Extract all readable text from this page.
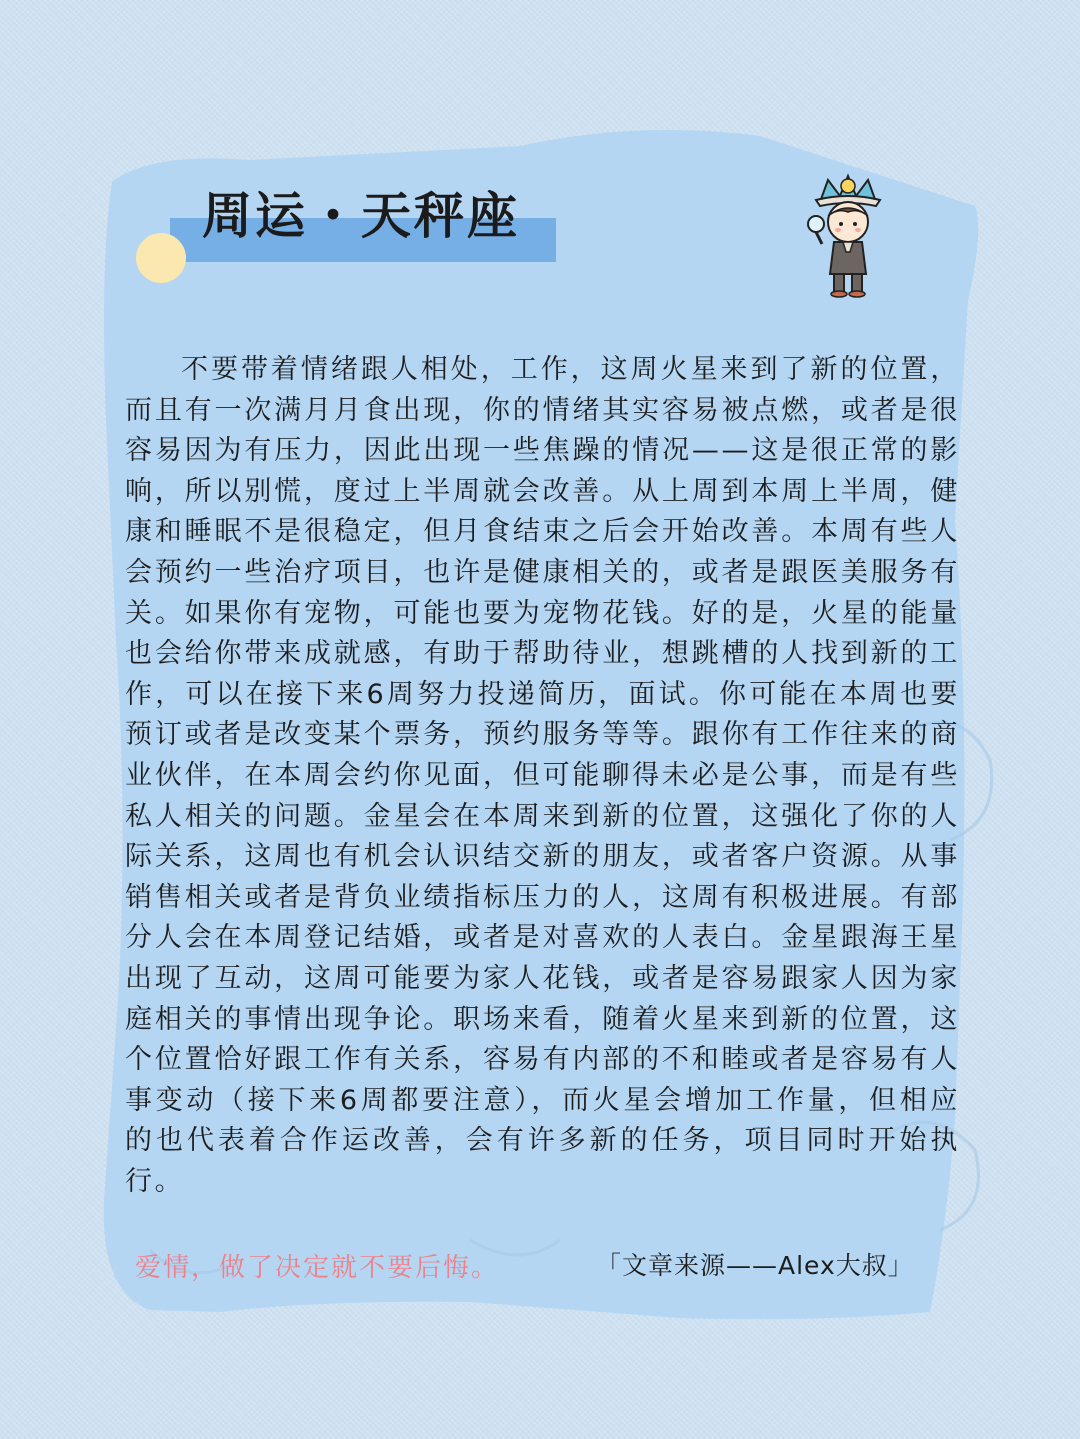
周运・天秤座

不要带着情绪跟人相处，工作，这周火星来到了新的位置，而且有一次满月月食出现，你的情绪其实容易被点燃，或者是很容易因为有压力，因此出现一些焦躁的情况——这是很正常的影响，所以别慌，度过上半周就会改善。从上周到本周上半周，健康和睡眠不是很稳定，但月食结束之后会开始改善。本周有些人会预约一些治疗项目，也许是健康相关的，或者是跟医美服务有关。如果你有宠物，可能也要为宠物花钱。好的是，火星的能量也会给你带来成就感，有助于帮助待业，想跳槽的人找到新的工作，可以在接下来6周努力投递简历，面试。你可能在本周也要预订或者是改变某个票务，预约服务等等。跟你有工作往来的商业伙伴，在本周会约你见面，但可能聊得未必是公事，而是有些私人相关的问题。金星会在本周来到新的位置，这强化了你的人际关系，这周也有机会认识结交新的朋友，或者客户资源。从事销售相关或者是背负业绩指标压力的人，这周有积极进展。有部分人会在本周登记结婚，或者是对喜欢的人表白。金星跟海王星出现了互动，这周可能要为家人花钱，或者是容易跟家人因为家庭相关的事情出现争论。职场来看，随着火星来到新的位置，这个位置恰好跟工作有关系，容易有内部的不和睦或者是容易有人事变动（接下来6周都要注意），而火星会增加工作量，但相应的也代表着合作运改善，会有许多新的任务，项目同时开始执行。

爱情，做了决定就不要后悔。	「文章来源——Alex大叔」
